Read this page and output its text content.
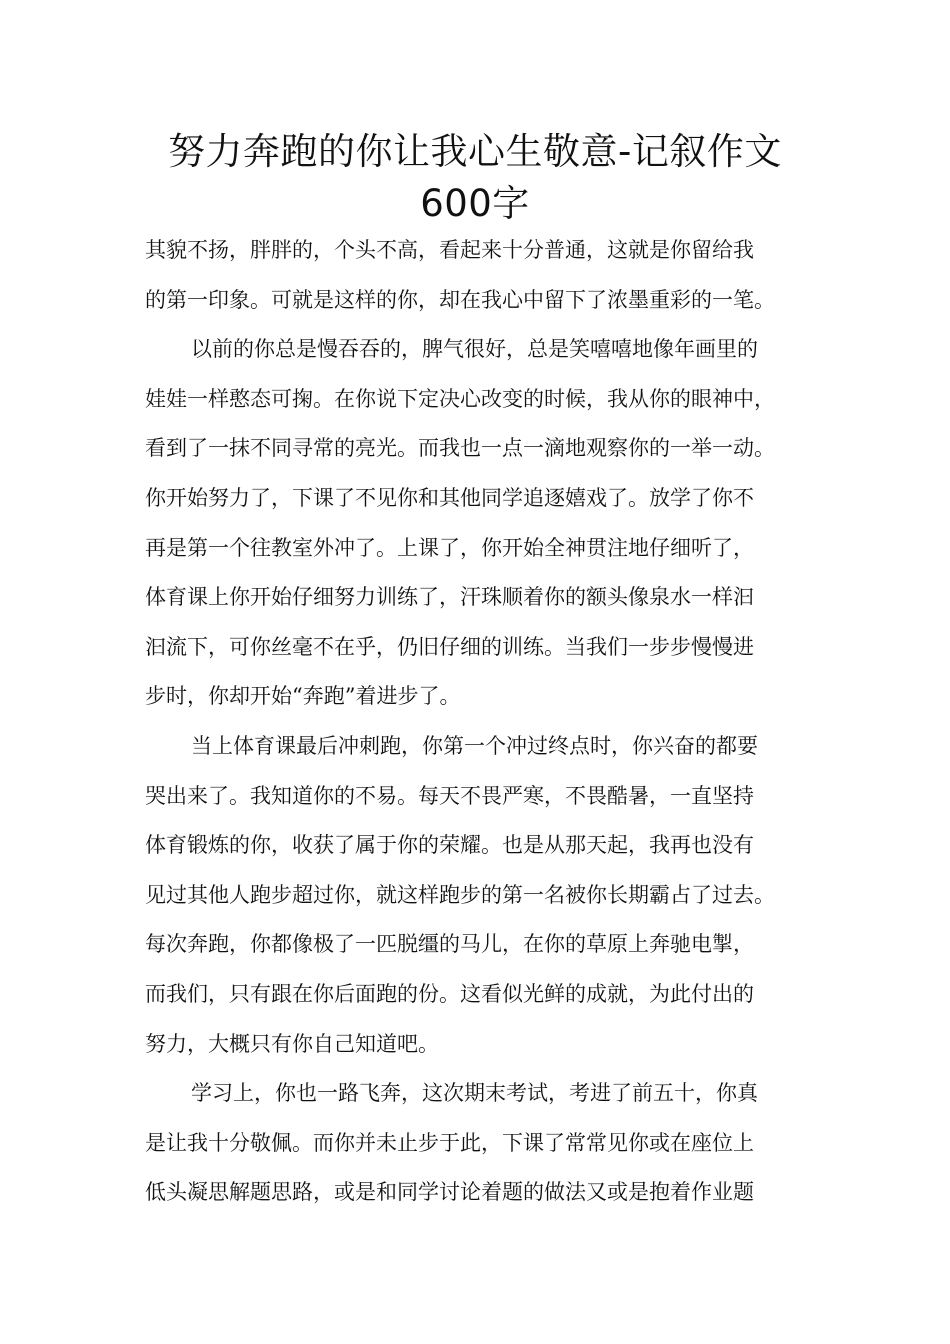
努力奔跑的你让我心生敬意-记叙作文
600字
其貌不扬，胖胖的，个头不高，看起来十分普通，这就是你留给我
的第一印象。可就是这样的你，却在我心中留下了浓墨重彩的一笔。
以前的你总是慢吞吞的，脾气很好，总是笑嘻嘻地像年画里的
娃娃一样憨态可掬。在你说下定决心改变的时候，我从你的眼神中，
看到了一抹不同寻常的亮光。而我也一点一滴地观察你的一举一动。
你开始努力了，下课了不见你和其他同学追逐嬉戏了。放学了你不
再是第一个往教室外冲了。上课了，你开始全神贯注地仔细听了，
体育课上你开始仔细努力训练了，汗珠顺着你的额头像泉水一样汩
汩流下，可你丝毫不在乎，仍旧仔细的训练。当我们一步步慢慢进
步时，你却开始“奔跑”着进步了。
当上体育课最后冲刺跑，你第一个冲过终点时，你兴奋的都要
哭出来了。我知道你的不易。每天不畏严寒，不畏酷暑，一直坚持
体育锻炼的你，收获了属于你的荣耀。也是从那天起，我再也没有
见过其他人跑步超过你，就这样跑步的第一名被你长期霸占了过去。
每次奔跑，你都像极了一匹脱缰的马儿，在你的草原上奔驰电掣，
而我们，只有跟在你后面跑的份。这看似光鲜的成就，为此付出的
努力，大概只有你自己知道吧。
学习上，你也一路飞奔，这次期末考试，考进了前五十，你真
是让我十分敬佩。而你并未止步于此，下课了常常见你或在座位上
低头凝思解题思路，或是和同学讨论着题的做法又或是抱着作业题
